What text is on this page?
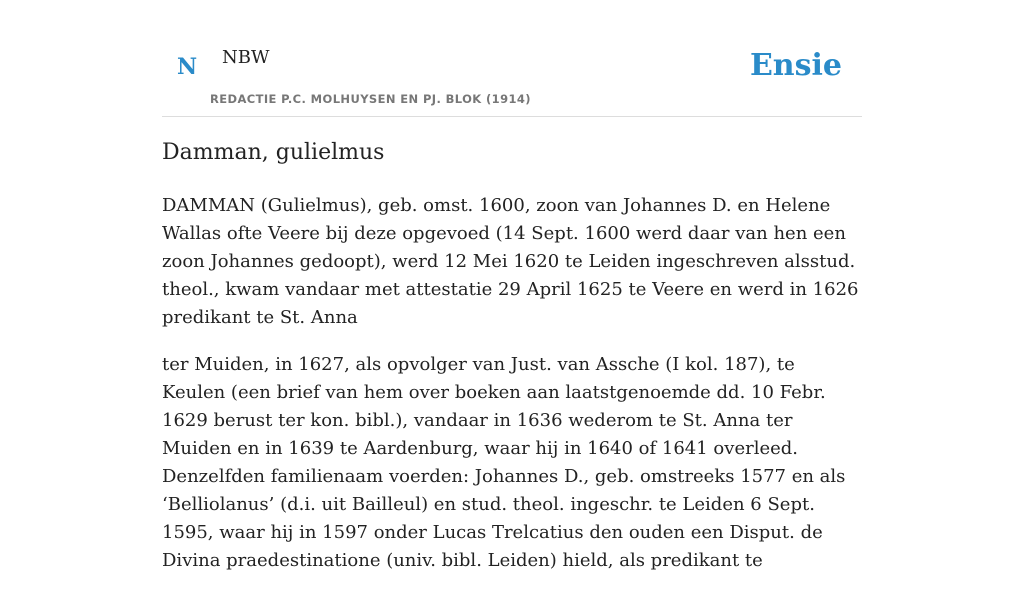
N NBW
REDACTIE P.C. MOLHUYSEN EN PJ. BLOK (1914)
Ensie
Damman, gulielmus

DAMMAN (Gulielmus), geb. omst. 1600, zoon van Johannes D. en Helene Wallas ofte Veere bij deze opgevoed (14 Sept. 1600 werd daar van hen een zoon Johannes gedoopt), werd 12 Mei 1620 te Leiden ingeschreven alsstud. theol., kwam vandaar met attestatie 29 April 1625 te Veere en werd in 1626 predikant te St. Anna

ter Muiden, in 1627, als opvolger van Just. van Assche (I kol. 187), te Keulen (een brief van hem over boeken aan laatstgenoemde dd. 10 Febr. 1629 berust ter kon. bibl.), vandaar in 1636 wederom te St. Anna ter Muiden en in 1639 te Aardenburg, waar hij in 1640 of 1641 overleed. Denzelfden familienaam voerden: Johannes D., geb. omstreeks 1577 en als ‘Belliolanus’ (d.i. uit Bailleul) en stud. theol. ingeschr. te Leiden 6 Sept. 1595, waar hij in 1597 onder Lucas Trelcatius den ouden een Disput. de Divina praedestinatione (univ. bibl. Leiden) hield, als predikant te
